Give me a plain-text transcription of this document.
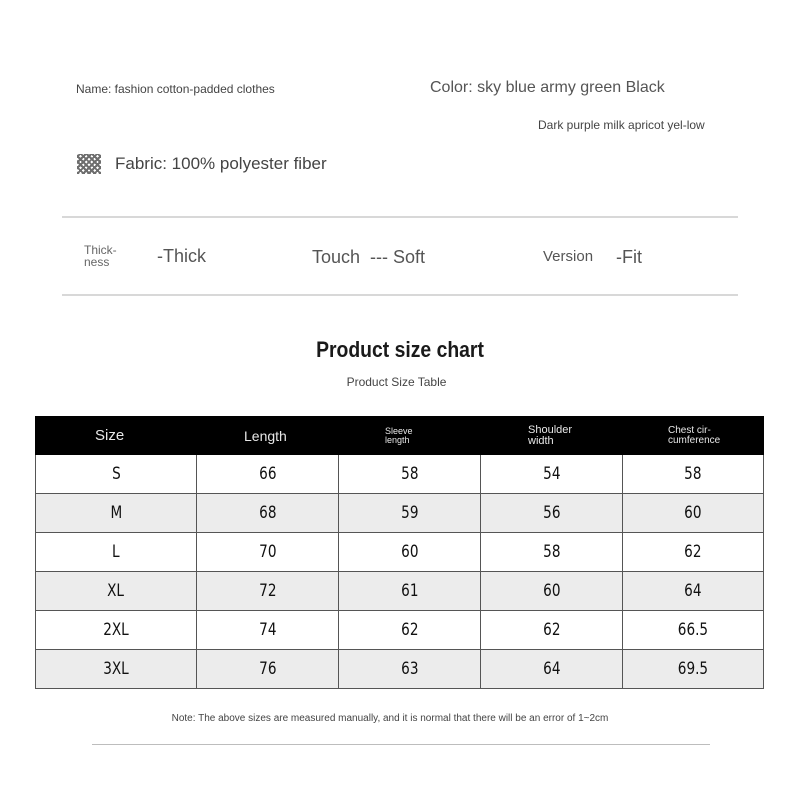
Name: fashion cotton-padded clothes	Color: sky blue army green Black
Dark purple milk apricot yel-low
Fabric: 100% polyester fiber
Thick-ness	-Thick	Touch --- Soft	Version -Fit
Product size chart
Product Size Table
Size	Length	Sleeve length	Shoulder width	Chest cir-cumference

S	66	58	54	58
M	68	59	56	60
L	70	60	58	62
XL	72	61	60	64
2XL	74	62	62	66.5
3XL	76	63	64	69.5
Note: The above sizes are measured manually, and it is normal that there will be an error of 1~2cm
